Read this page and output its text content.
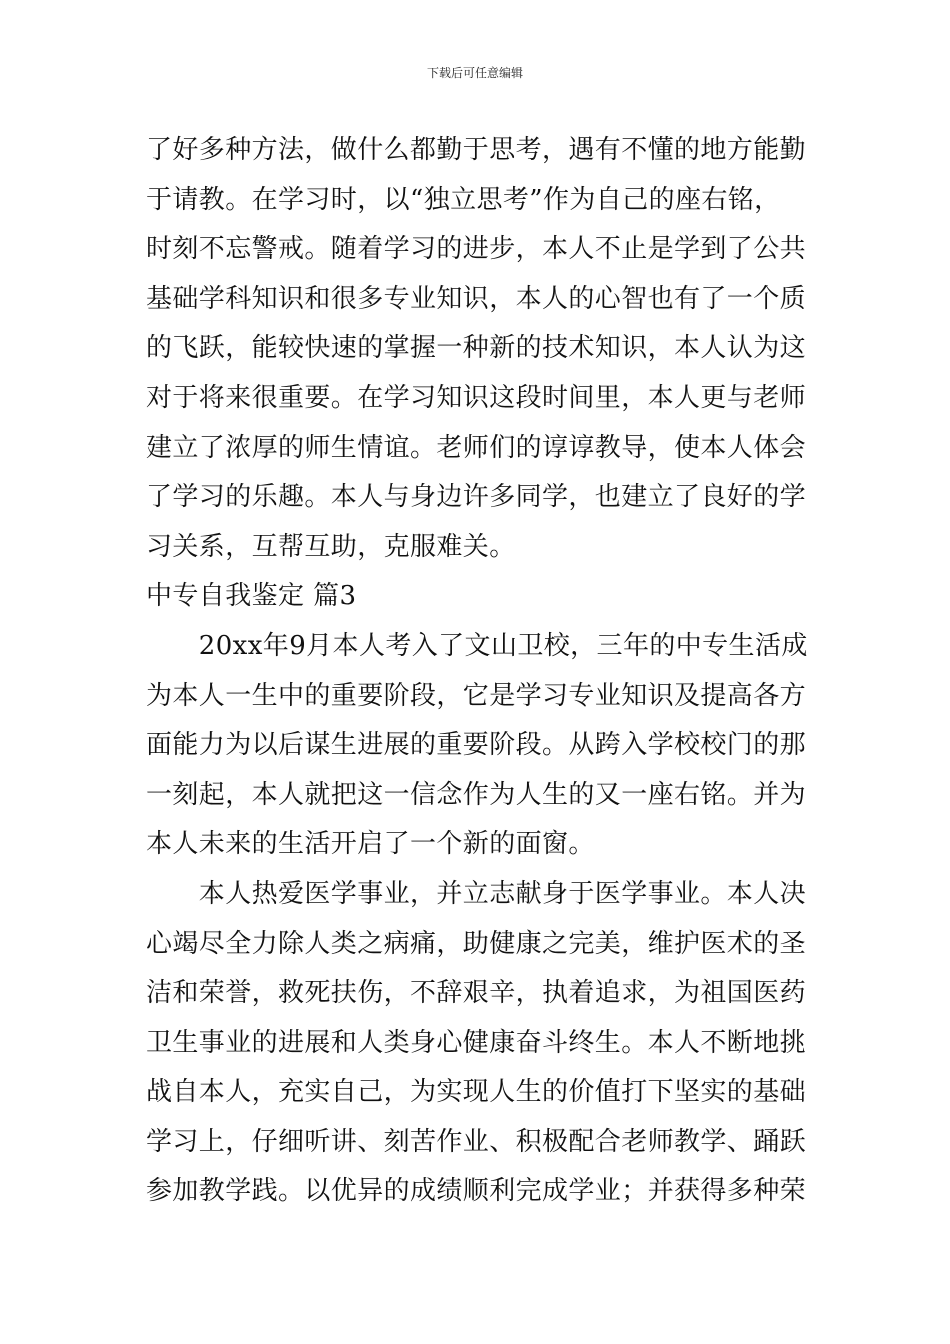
下载后可任意编辑
了好多种方法，做什么都勤于思考，遇有不懂的地方能勤
于请教。在学习时，以“独立思考”作为自己的座右铭，
时刻不忘警戒。随着学习的进步，本人不止是学到了公共
基础学科知识和很多专业知识，本人的心智也有了一个质
的飞跃，能较快速的掌握一种新的技术知识，本人认为这
对于将来很重要。在学习知识这段时间里，本人更与老师
建立了浓厚的师生情谊。老师们的谆谆教导，使本人体会
了学习的乐趣。本人与身边许多同学，也建立了良好的学
习关系，互帮互助，克服难关。
中专自我鉴定 篇3
　　20xx年9月本人考入了文山卫校，三年的中专生活成
为本人一生中的重要阶段，它是学习专业知识及提高各方
面能力为以后谋生进展的重要阶段。从跨入学校校门的那
一刻起，本人就把这一信念作为人生的又一座右铭。并为
本人未来的生活开启了一个新的面窗。
　　本人热爱医学事业，并立志献身于医学事业。本人决
心竭尽全力除人类之病痛，助健康之完美，维护医术的圣
洁和荣誉，救死扶伤，不辞艰辛，执着追求，为祖国医药
卫生事业的进展和人类身心健康奋斗终生。本人不断地挑
战自本人，充实自己，为实现人生的价值打下坚实的基础
学习上，仔细听讲、刻苦作业、积极配合老师教学、踊跃
参加教学践。以优异的成绩顺利完成学业；并获得多种荣
